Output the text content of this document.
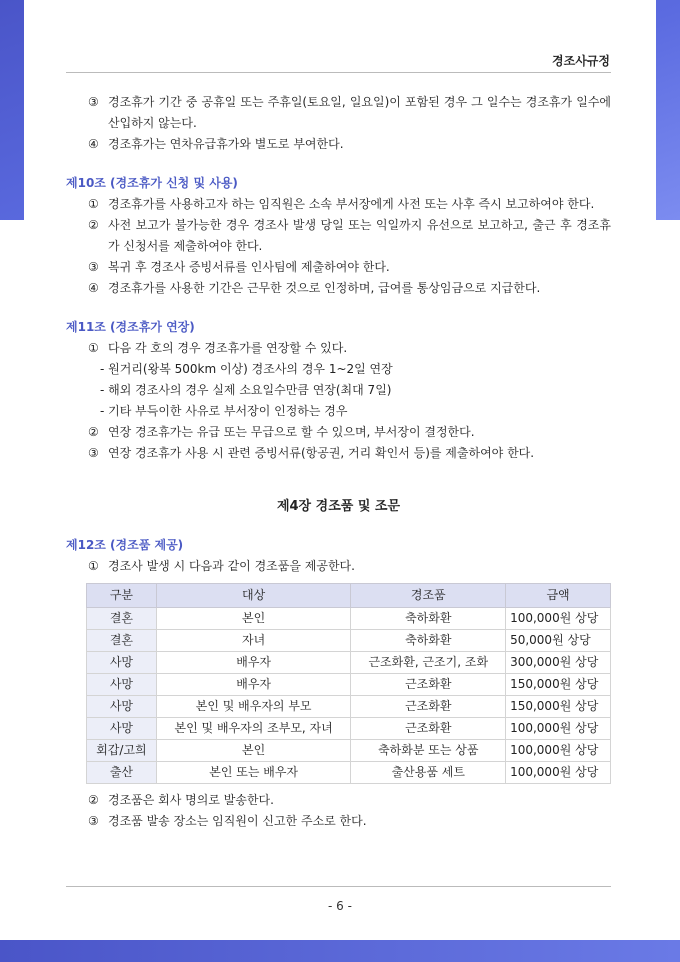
경조사규정
③ 경조휴가 기간 중 공휴일 또는 주휴일(토요일, 일요일)이 포함된 경우 그 일수는 경조휴가 일수에 산입하지 않는다.
④ 경조휴가는 연차유급휴가와 별도로 부여한다.
제10조 (경조휴가 신청 및 사용)
① 경조휴가를 사용하고자 하는 임직원은 소속 부서장에게 사전 또는 사후 즉시 보고하여야 한다.
② 사전 보고가 불가능한 경우 경조사 발생 당일 또는 익일까지 유선으로 보고하고, 출근 후 경조휴가 신청서를 제출하여야 한다.
③ 복귀 후 경조사 증빙서류를 인사팀에 제출하여야 한다.
④ 경조휴가를 사용한 기간은 근무한 것으로 인정하며, 급여를 통상임금으로 지급한다.
제11조 (경조휴가 연장)
① 다음 각 호의 경우 경조휴가를 연장할 수 있다.
- 원거리(왕복 500km 이상) 경조사의 경우 1~2일 연장
- 해외 경조사의 경우 실제 소요일수만큼 연장(최대 7일)
- 기타 부득이한 사유로 부서장이 인정하는 경우
② 연장 경조휴가는 유급 또는 무급으로 할 수 있으며, 부서장이 결정한다.
③ 연장 경조휴가 사용 시 관련 증빙서류(항공권, 거리 확인서 등)를 제출하여야 한다.
제4장 경조품 및 조문
제12조 (경조품 제공)
① 경조사 발생 시 다음과 같이 경조품을 제공한다.
구분	대상	경조품	금액
결혼	본인	축하화환	100,000원 상당
결혼	자녀	축하화환	50,000원 상당
사망	배우자	근조화환, 근조기, 조화	300,000원 상당
사망	배우자	근조화환	150,000원 상당
사망	본인 및 배우자의 부모	근조화환	150,000원 상당
사망	본인 및 배우자의 조부모, 자녀	근조화환	100,000원 상당
회갑/고희	본인	축하화분 또는 상품	100,000원 상당
출산	본인 또는 배우자	출산용품 세트	100,000원 상당
② 경조품은 회사 명의로 발송한다.
③ 경조품 발송 장소는 임직원이 신고한 주소로 한다.
- 6 -
